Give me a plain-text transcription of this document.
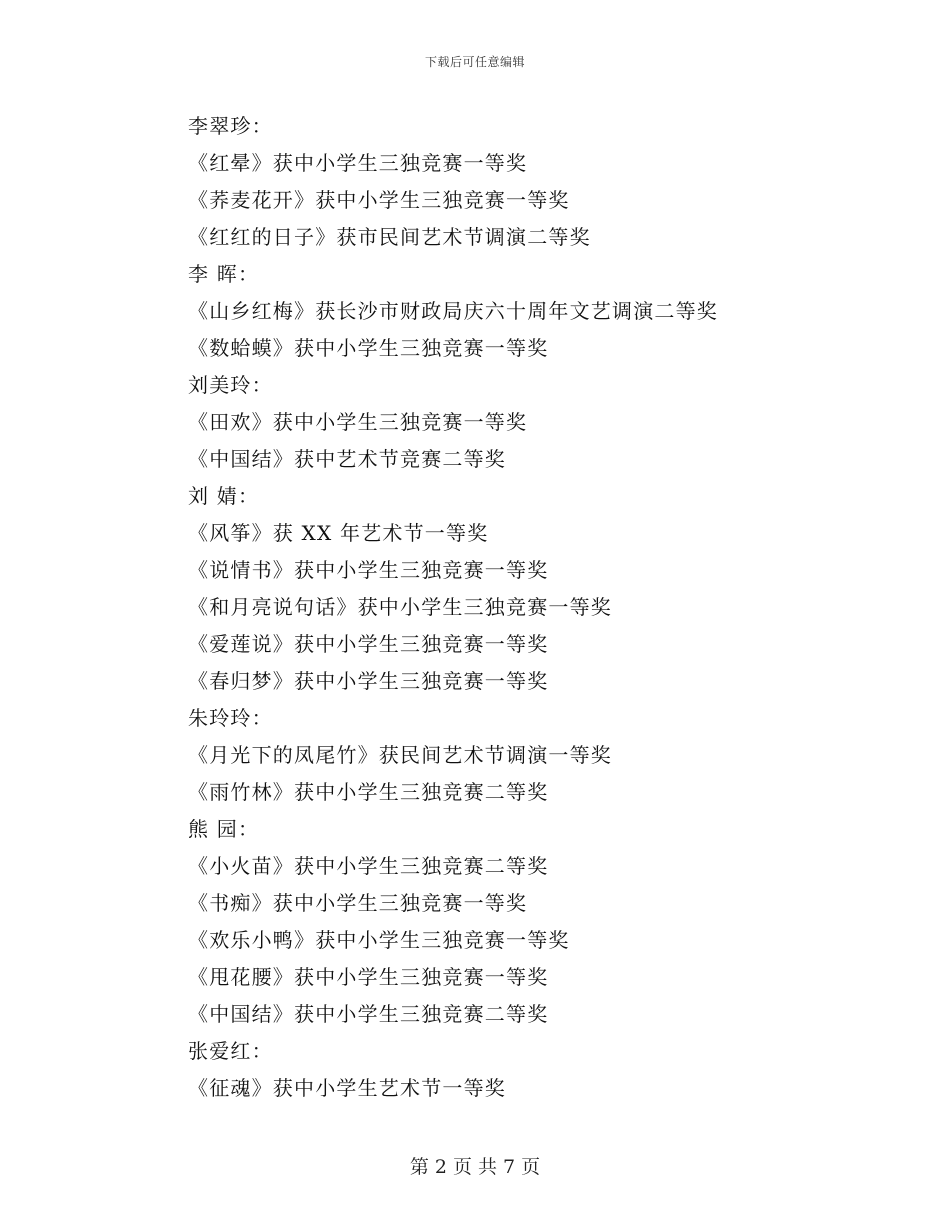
下载后可任意编辑
李翠珍：
《红晕》获中小学生三独竞赛一等奖
《荞麦花开》获中小学生三独竞赛一等奖
《红红的日子》获市民间艺术节调演二等奖
李 晖：
《山乡红梅》获长沙市财政局庆六十周年文艺调演二等奖
《数蛤蟆》获中小学生三独竞赛一等奖
刘美玲：
《田欢》获中小学生三独竞赛一等奖
《中国结》获中艺术节竞赛二等奖
刘 婧：
《风筝》获 XX 年艺术节一等奖
《说情书》获中小学生三独竞赛一等奖
《和月亮说句话》获中小学生三独竞赛一等奖
《爱莲说》获中小学生三独竞赛一等奖
《春归梦》获中小学生三独竞赛一等奖
朱玲玲：
《月光下的凤尾竹》获民间艺术节调演一等奖
《雨竹林》获中小学生三独竞赛二等奖
熊 园：
《小火苗》获中小学生三独竞赛二等奖
《书痴》获中小学生三独竞赛一等奖
《欢乐小鸭》获中小学生三独竞赛一等奖
《甩花腰》获中小学生三独竞赛一等奖
《中国结》获中小学生三独竞赛二等奖
张爱红：
《征魂》获中小学生艺术节一等奖
第 2 页 共 7 页
